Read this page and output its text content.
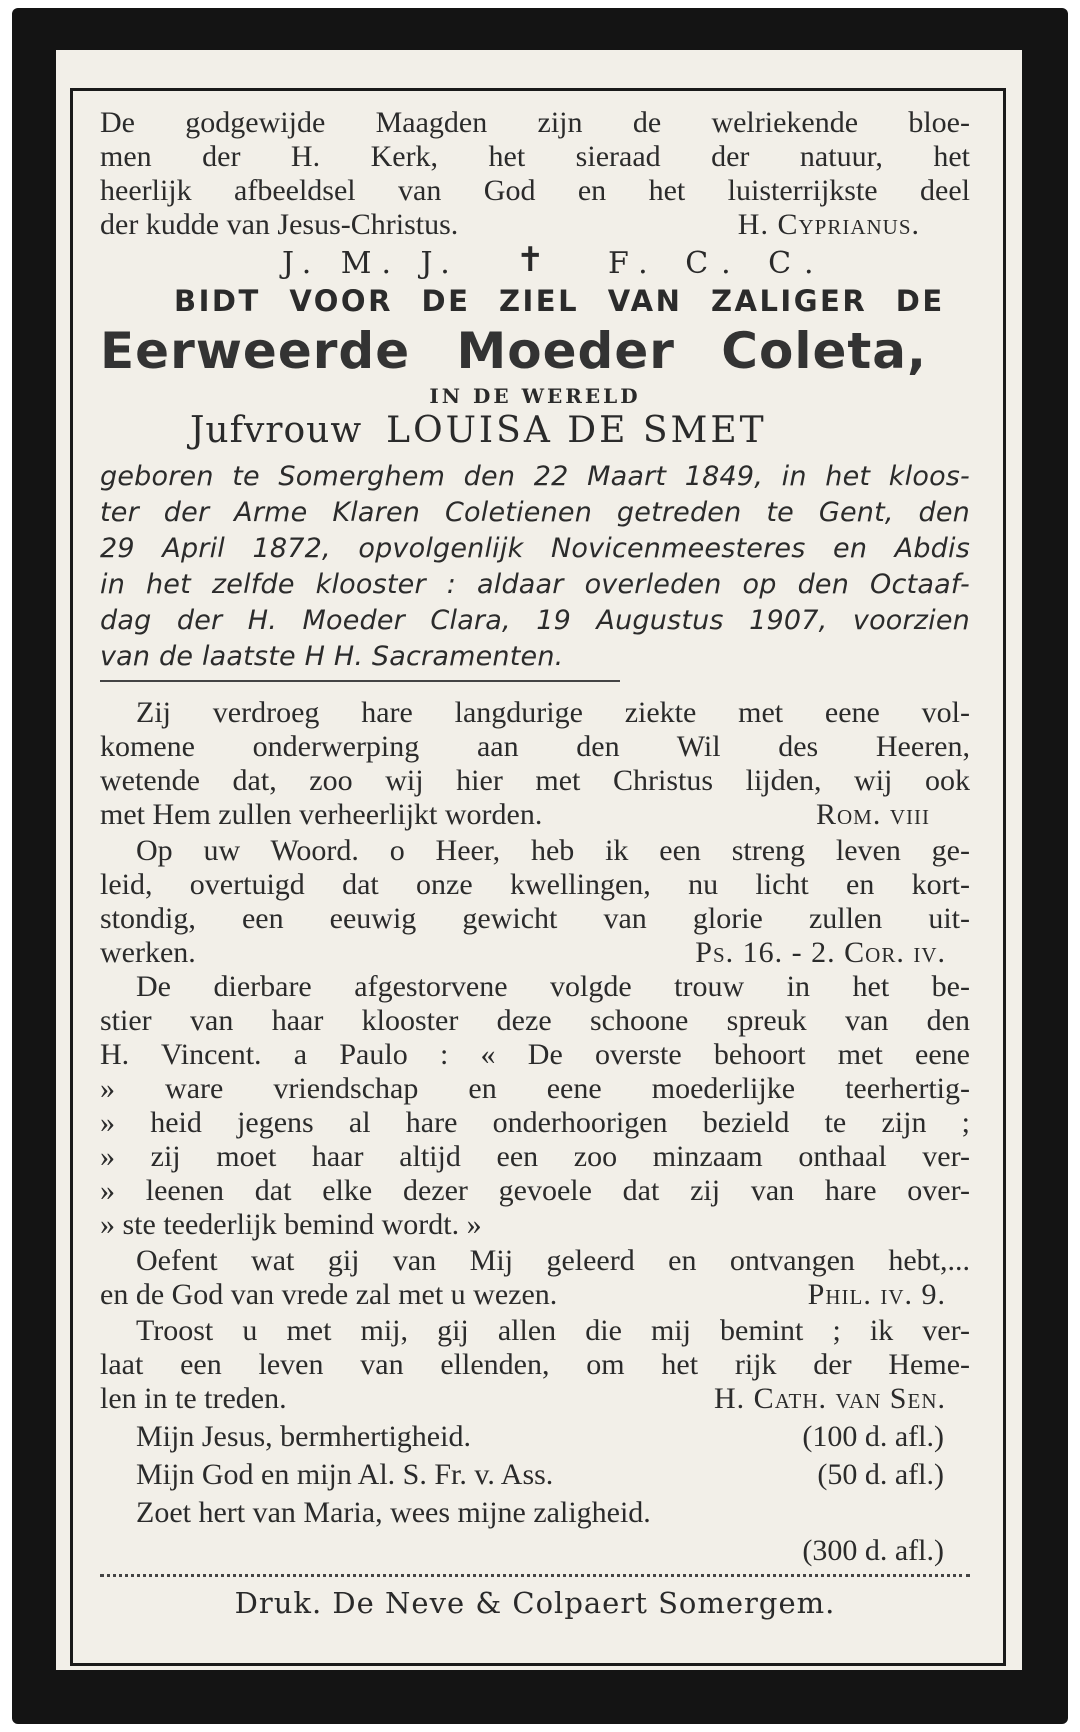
De godgewijde Maagden zijn de welriekende bloe-
men der H. Kerk, het sieraad der natuur, het
heerlijk afbeeldsel van God en het luisterrijkste deel
der kudde van Jesus-Christus.	H. Cyprianus.
J. M. J. ✝ F. C. C.
BIDT VOOR DE ZIEL VAN ZALIGER DE
Eerweerde Moeder Coleta,
IN DE WERELD
Jufvrouw LOUISA DE SMET
geboren te Somerghem den 22 Maart 1849, in het kloos-
ter der Arme Klaren Coletienen getreden te Gent, den
29 April 1872, opvolgenlijk Novicenmeesteres en Abdis
in het zelfde klooster : aldaar overleden op den Octaaf-
dag der H. Moeder Clara, 19 Augustus 1907, voorzien
van de laatste H H. Sacramenten.
Zij verdroeg hare langdurige ziekte met eene vol-
komene onderwerping aan den Wil des Heeren,
wetende dat, zoo wij hier met Christus lijden, wij ook
met Hem zullen verheerlijkt worden.	Rom. viii
Op uw Woord. o Heer, heb ik een streng leven ge-
leid, overtuigd dat onze kwellingen, nu licht en kort-
stondig, een eeuwig gewicht van glorie zullen uit-
werken.	Ps. 16. - 2. Cor. iv.
De dierbare afgestorvene volgde trouw in het be-
stier van haar klooster deze schoone spreuk van den
H. Vincent. a Paulo : « De overste behoort met eene
» ware vriendschap en eene moederlijke teerhertig-
» heid jegens al hare onderhoorigen bezield te zijn ;
» zij moet haar altijd een zoo minzaam onthaal ver-
» leenen dat elke dezer gevoele dat zij van hare over-
» ste teederlijk bemind wordt. »
Oefent wat gij van Mij geleerd en ontvangen hebt,...
en de God van vrede zal met u wezen.	Phil. iv. 9.
Troost u met mij, gij allen die mij bemint ; ik ver-
laat een leven van ellenden, om het rijk der Heme-
len in te treden.	H. Cath. van Sen.
Mijn Jesus, bermhertigheid.	(100 d. afl.)
Mijn God en mijn Al. S. Fr. v. Ass.	(50 d. afl.)
Zoet hert van Maria, wees mijne zaligheid.
(300 d. afl.)
Druk. De Neve & Colpaert Somergem.
